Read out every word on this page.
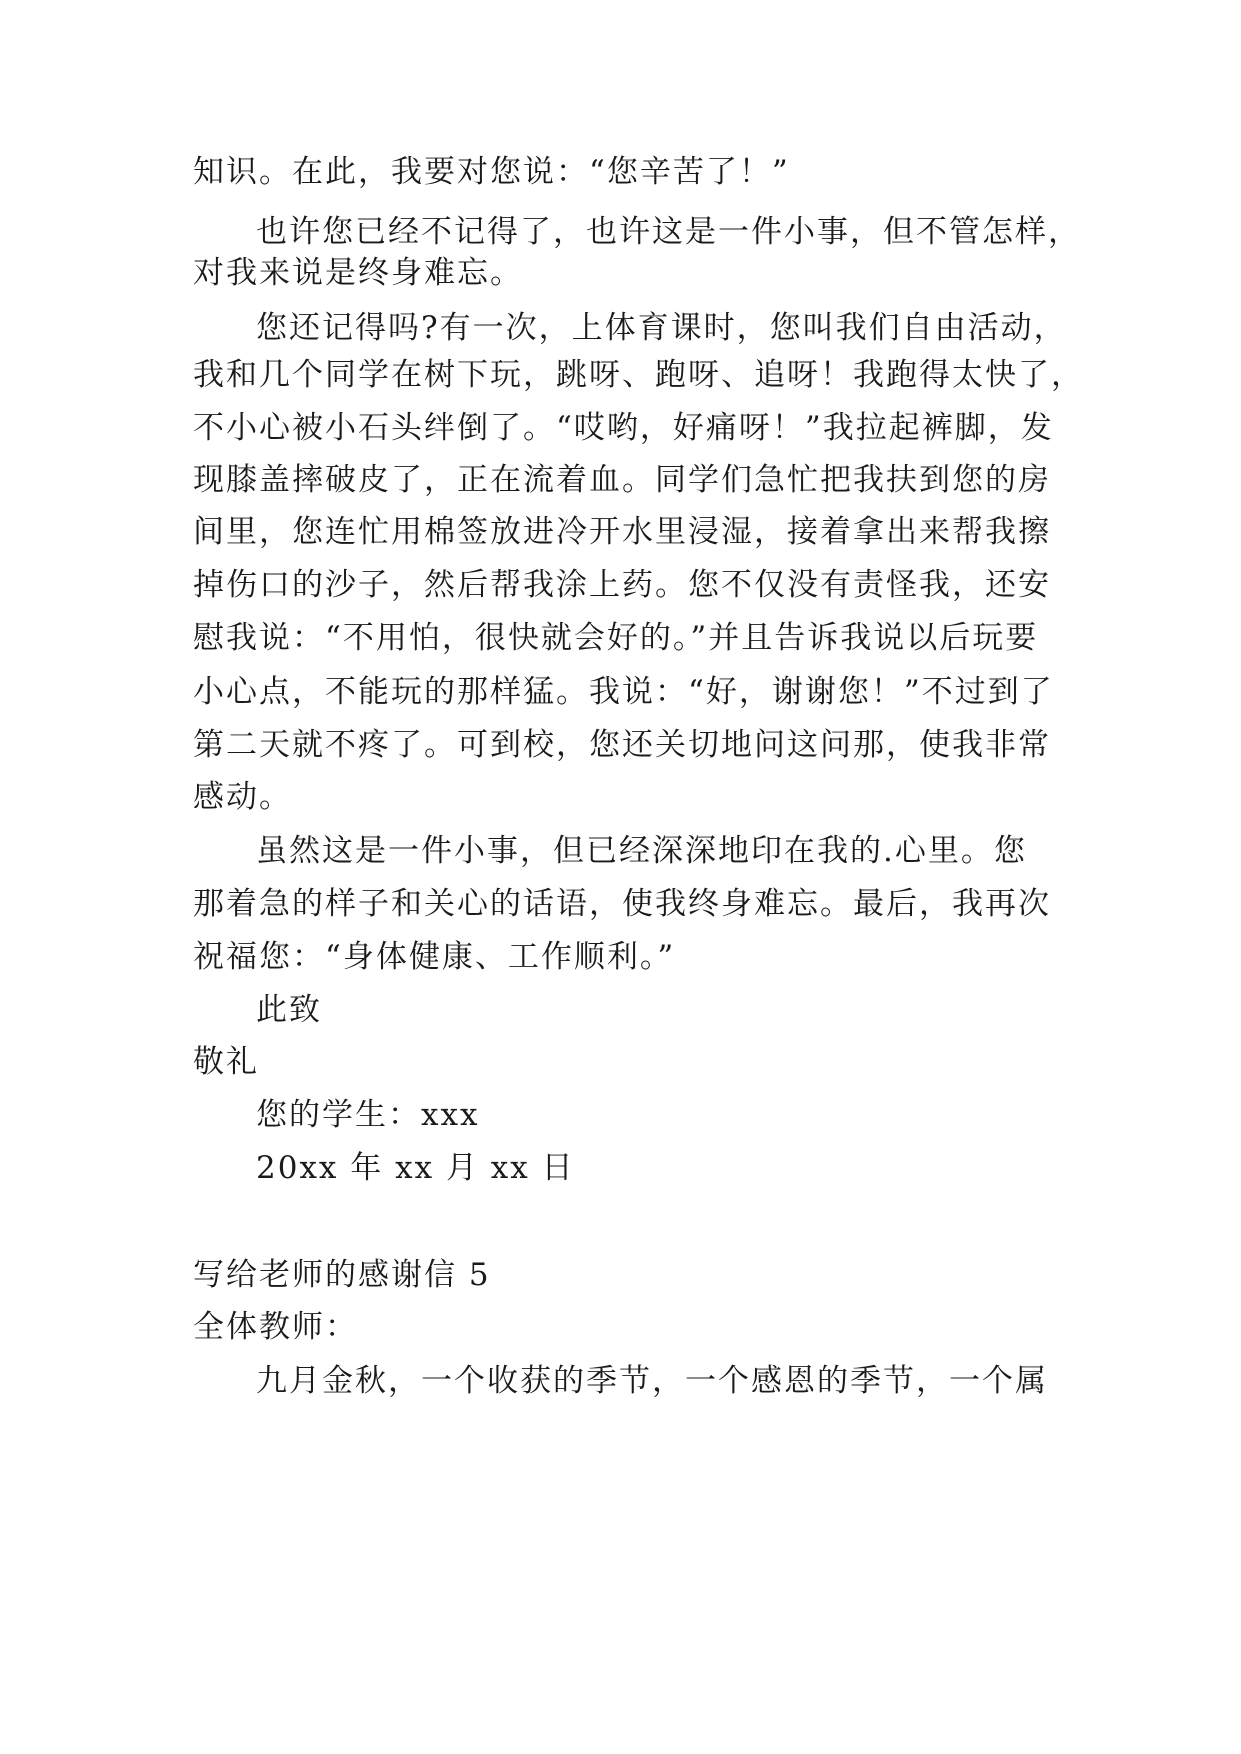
知识。在此，我要对您说：“您辛苦了！”

也许您已经不记得了，也许这是一件小事，但不管怎样，

对我来说是终身难忘。

您还记得吗?有一次，上体育课时，您叫我们自由活动，

我和几个同学在树下玩，跳呀、跑呀、追呀！我跑得太快了，

不小心被小石头绊倒了。“哎哟，好痛呀！”我拉起裤脚，发

现膝盖摔破皮了，正在流着血。同学们急忙把我扶到您的房

间里，您连忙用棉签放进冷开水里浸湿，接着拿出来帮我擦

掉伤口的沙子，然后帮我涂上药。您不仅没有责怪我，还安

慰我说：“不用怕，很快就会好的。”并且告诉我说以后玩要

小心点，不能玩的那样猛。我说：“好，谢谢您！”不过到了

第二天就不疼了。可到校，您还关切地问这问那，使我非常

感动。

虽然这是一件小事，但已经深深地印在我的.心里。您

那着急的样子和关心的话语，使我终身难忘。最后，我再次

祝福您：“身体健康、工作顺利。”

此致

敬礼

您的学生：xxx

20xx 年 xx 月 xx 日

写给老师的感谢信 5

全体教师：

九月金秋，一个收获的季节，一个感恩的季节，一个属
